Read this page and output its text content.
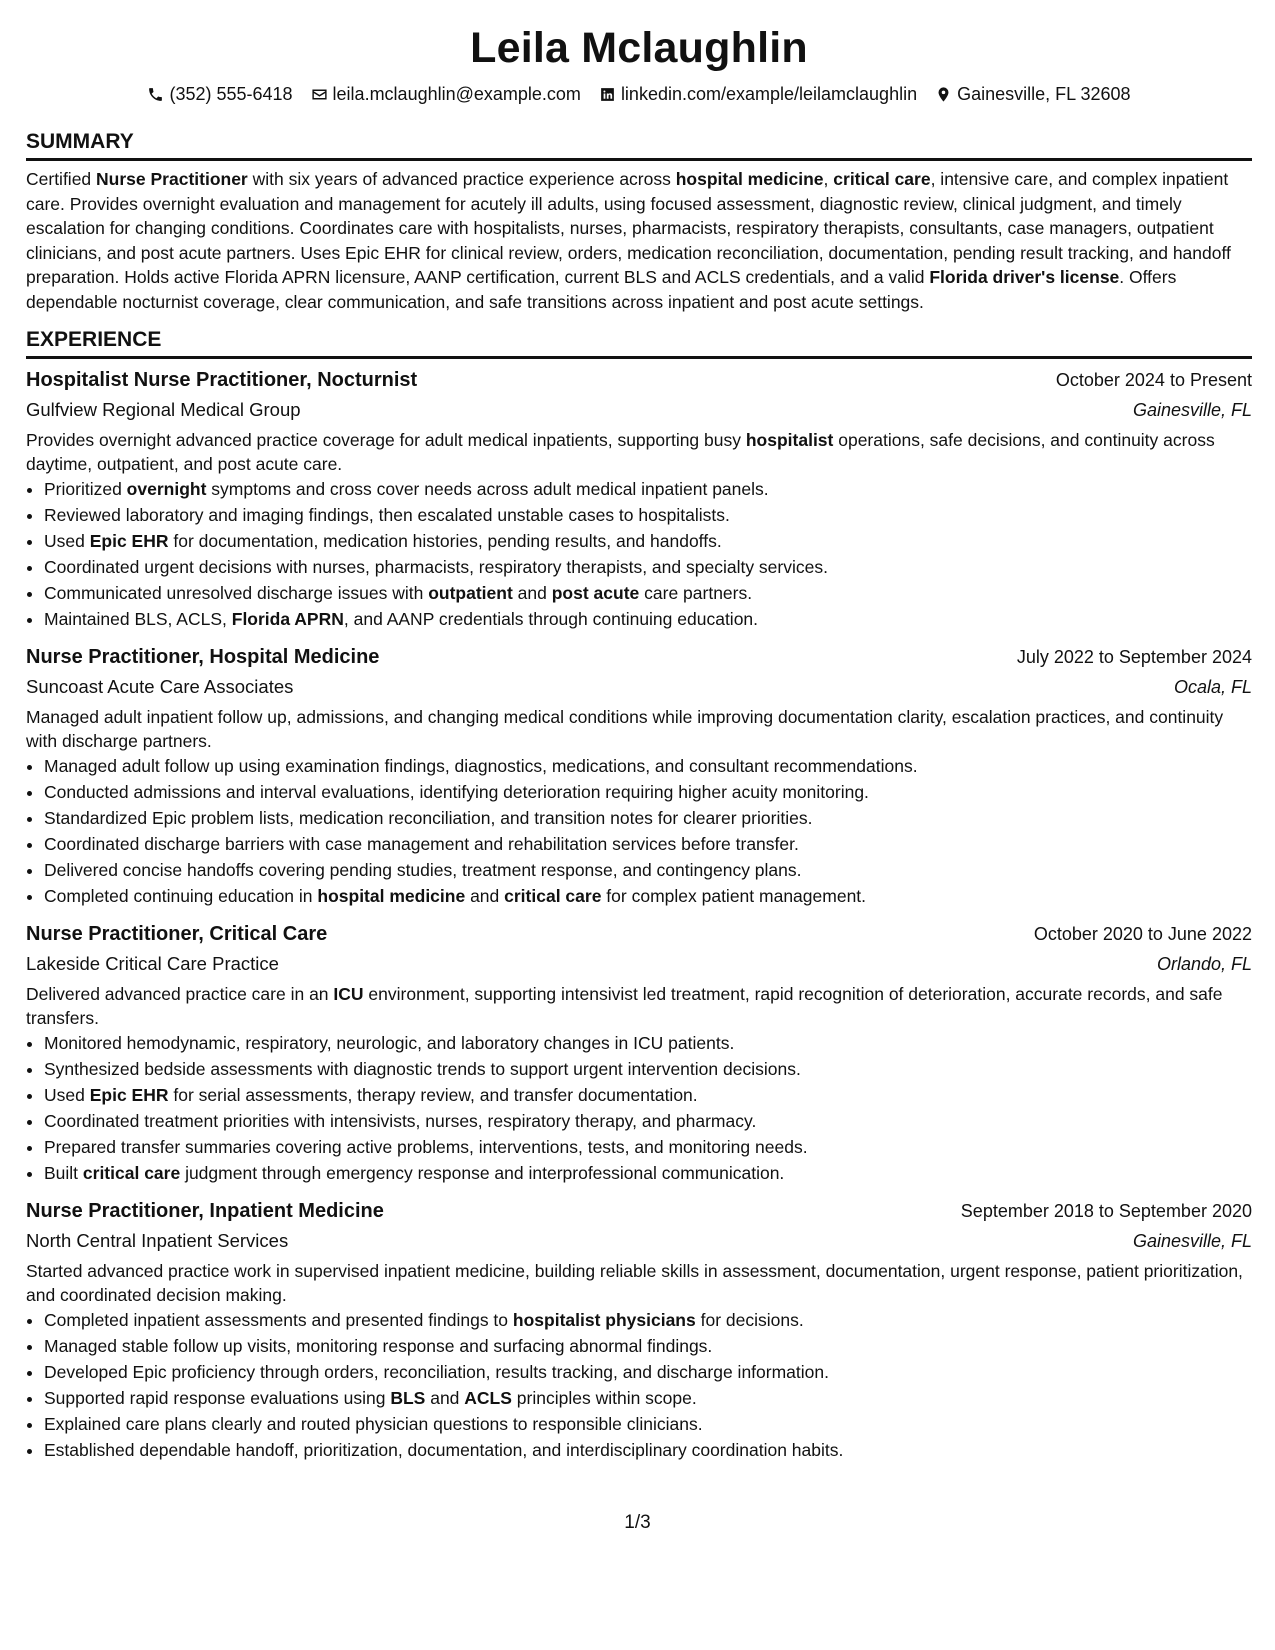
Leila Mclaughlin
(352) 555-6418 leila.mclaughlin@example.com linkedin.com/example/leilamclaughlin Gainesville, FL 32608
SUMMARY
Certified Nurse Practitioner with six years of advanced practice experience across hospital medicine, critical care, intensive care, and complex inpatient care. Provides overnight evaluation and management for acutely ill adults, using focused assessment, diagnostic review, clinical judgment, and timely escalation for changing conditions. Coordinates care with hospitalists, nurses, pharmacists, respiratory therapists, consultants, case managers, outpatient clinicians, and post acute partners. Uses Epic EHR for clinical review, orders, medication reconciliation, documentation, pending result tracking, and handoff preparation. Holds active Florida APRN licensure, AANP certification, current BLS and ACLS credentials, and a valid Florida driver's license. Offers dependable nocturnist coverage, clear communication, and safe transitions across inpatient and post acute settings.
EXPERIENCE
Hospitalist Nurse Practitioner, Nocturnist	October 2024 to Present
Gulfview Regional Medical Group	Gainesville, FL
Provides overnight advanced practice coverage for adult medical inpatients, supporting busy hospitalist operations, safe decisions, and continuity across daytime, outpatient, and post acute care.
• Prioritized overnight symptoms and cross cover needs across adult medical inpatient panels.
• Reviewed laboratory and imaging findings, then escalated unstable cases to hospitalists.
• Used Epic EHR for documentation, medication histories, pending results, and handoffs.
• Coordinated urgent decisions with nurses, pharmacists, respiratory therapists, and specialty services.
• Communicated unresolved discharge issues with outpatient and post acute care partners.
• Maintained BLS, ACLS, Florida APRN, and AANP credentials through continuing education.
Nurse Practitioner, Hospital Medicine	July 2022 to September 2024
Suncoast Acute Care Associates	Ocala, FL
Managed adult inpatient follow up, admissions, and changing medical conditions while improving documentation clarity, escalation practices, and continuity with discharge partners.
• Managed adult follow up using examination findings, diagnostics, medications, and consultant recommendations.
• Conducted admissions and interval evaluations, identifying deterioration requiring higher acuity monitoring.
• Standardized Epic problem lists, medication reconciliation, and transition notes for clearer priorities.
• Coordinated discharge barriers with case management and rehabilitation services before transfer.
• Delivered concise handoffs covering pending studies, treatment response, and contingency plans.
• Completed continuing education in hospital medicine and critical care for complex patient management.
Nurse Practitioner, Critical Care	October 2020 to June 2022
Lakeside Critical Care Practice	Orlando, FL
Delivered advanced practice care in an ICU environment, supporting intensivist led treatment, rapid recognition of deterioration, accurate records, and safe transfers.
• Monitored hemodynamic, respiratory, neurologic, and laboratory changes in ICU patients.
• Synthesized bedside assessments with diagnostic trends to support urgent intervention decisions.
• Used Epic EHR for serial assessments, therapy review, and transfer documentation.
• Coordinated treatment priorities with intensivists, nurses, respiratory therapy, and pharmacy.
• Prepared transfer summaries covering active problems, interventions, tests, and monitoring needs.
• Built critical care judgment through emergency response and interprofessional communication.
Nurse Practitioner, Inpatient Medicine	September 2018 to September 2020
North Central Inpatient Services	Gainesville, FL
Started advanced practice work in supervised inpatient medicine, building reliable skills in assessment, documentation, urgent response, patient prioritization, and coordinated decision making.
• Completed inpatient assessments and presented findings to hospitalist physicians for decisions.
• Managed stable follow up visits, monitoring response and surfacing abnormal findings.
• Developed Epic proficiency through orders, reconciliation, results tracking, and discharge information.
• Supported rapid response evaluations using BLS and ACLS principles within scope.
• Explained care plans clearly and routed physician questions to responsible clinicians.
• Established dependable handoff, prioritization, documentation, and interdisciplinary coordination habits.
1/3
